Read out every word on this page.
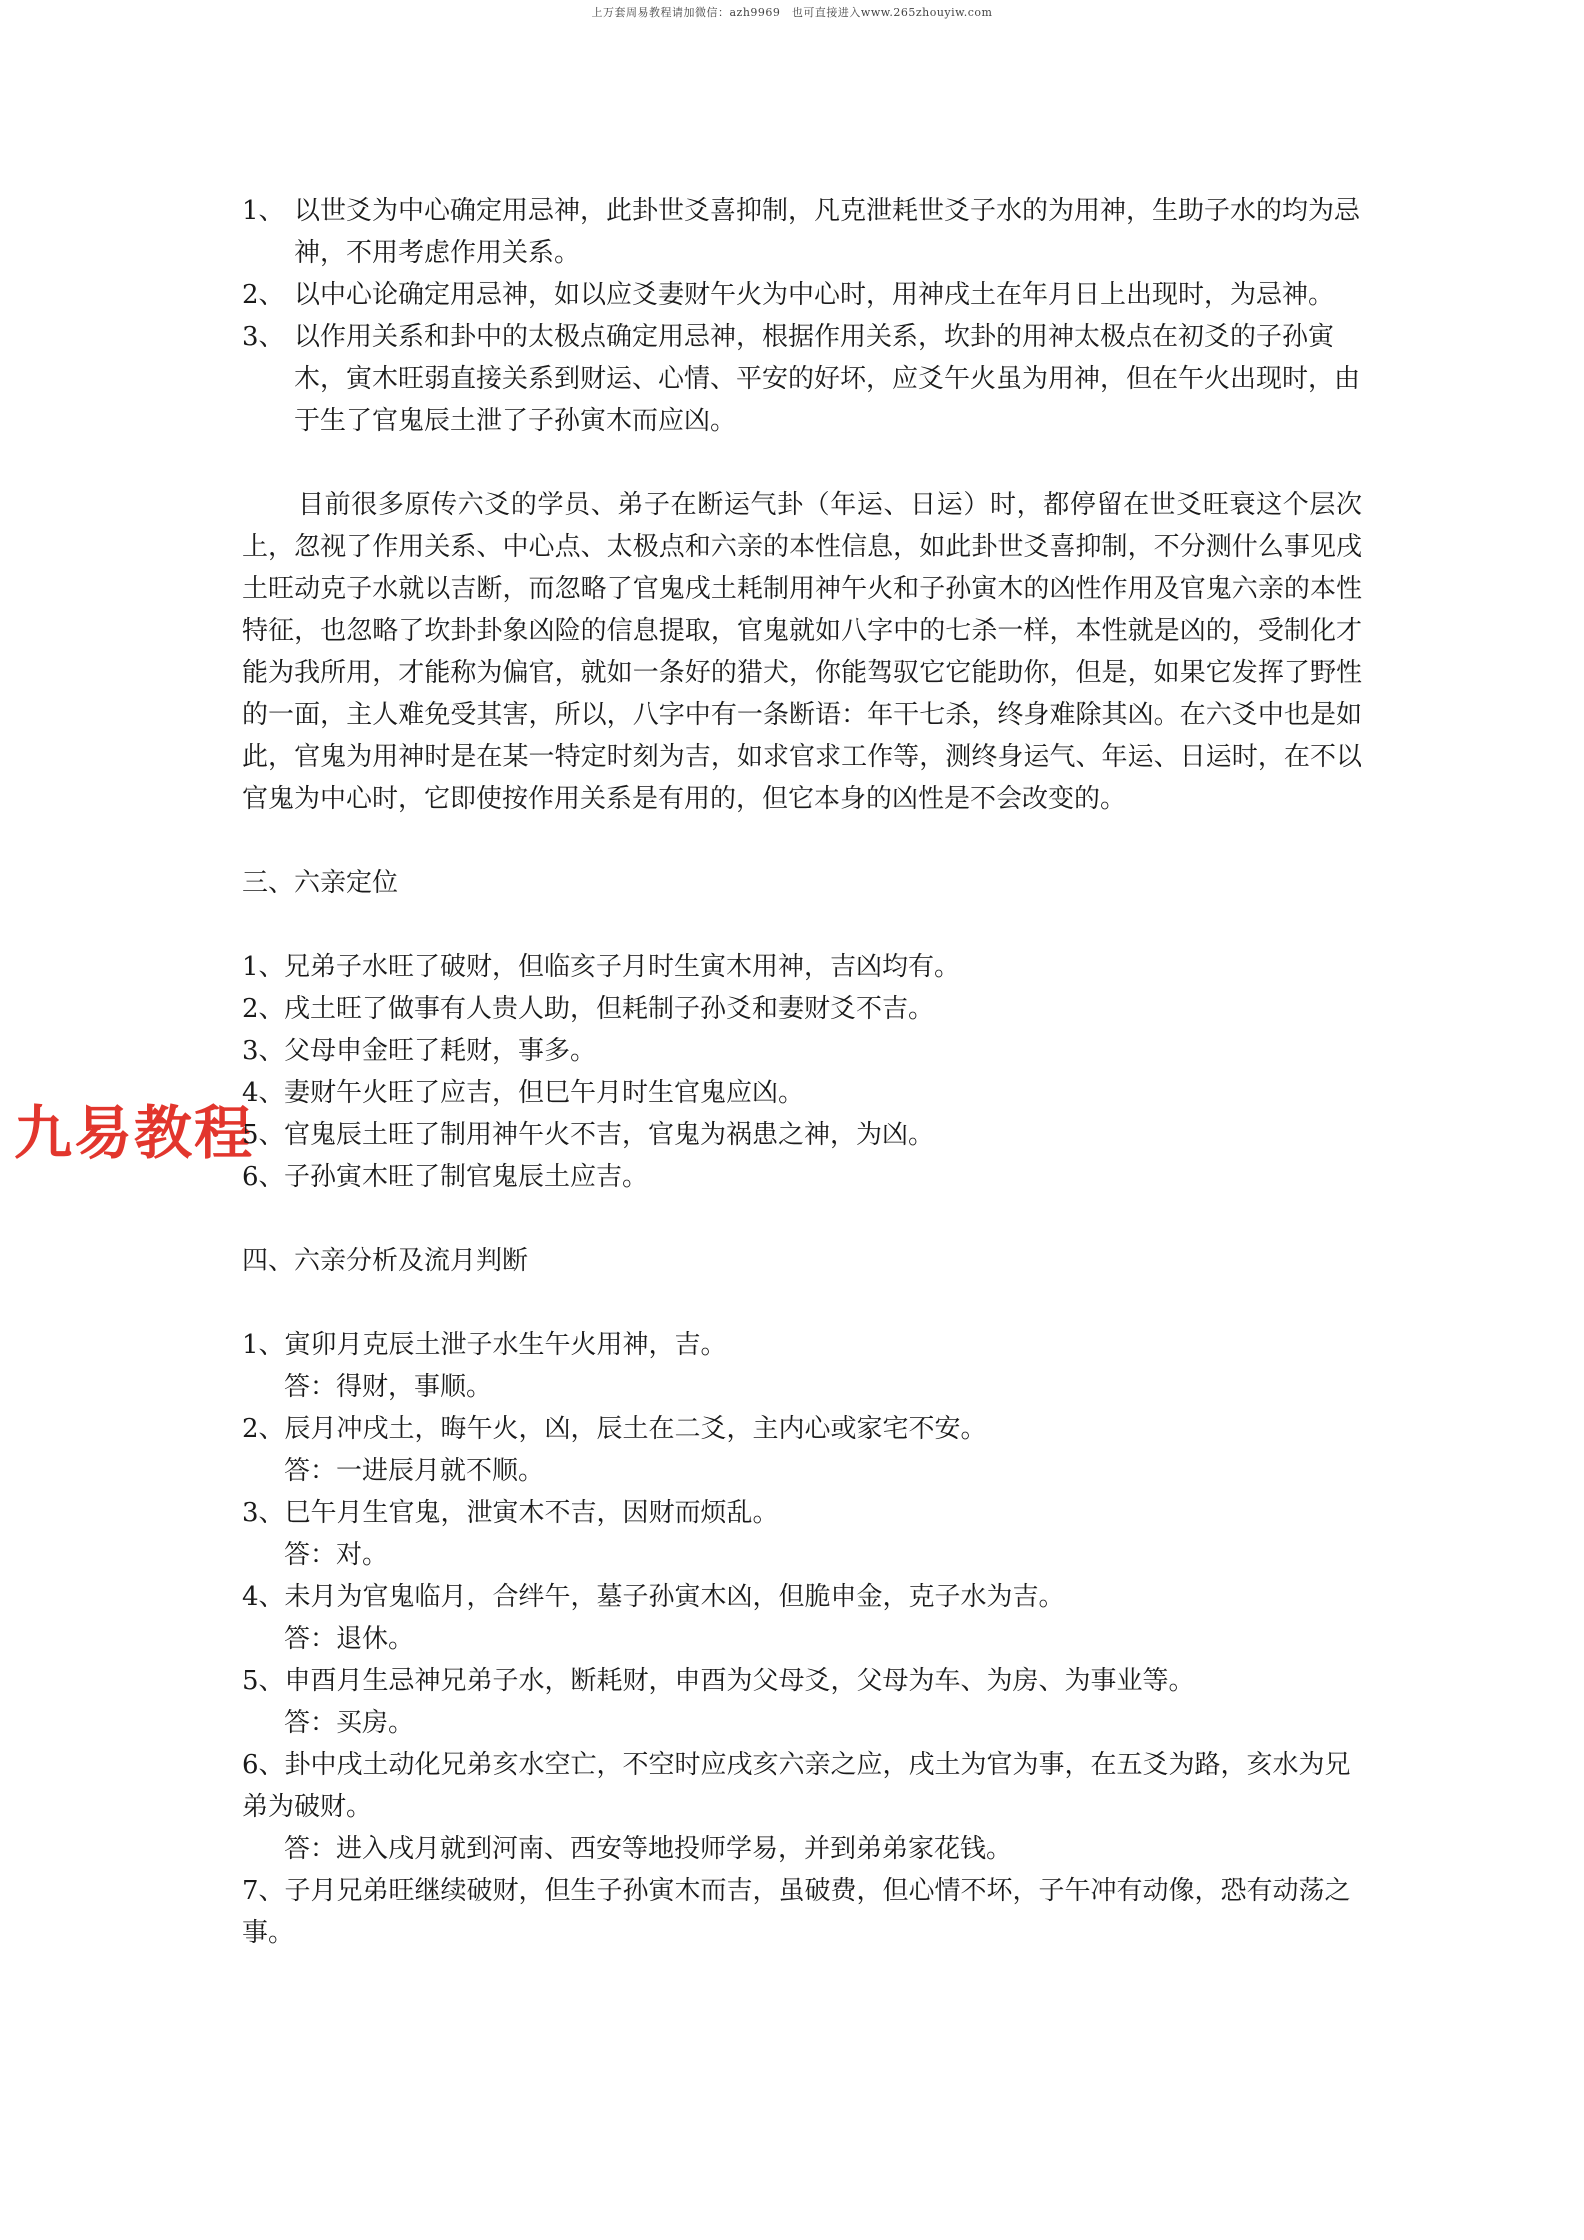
上万套周易教程请加微信：azh9969　也可直接进入www.265zhouyiw.com
九易教程
1、 以世爻为中心确定用忌神，此卦世爻喜抑制，凡克泄耗世爻子水的为用神，生助子水的均为忌神，不用考虑作用关系。
2、 以中心论确定用忌神，如以应爻妻财午火为中心时，用神戌土在年月日上出现时，为忌神。
3、 以作用关系和卦中的太极点确定用忌神，根据作用关系，坎卦的用神太极点在初爻的子孙寅木，寅木旺弱直接关系到财运、心情、平安的好坏，应爻午火虽为用神，但在午火出现时，由于生了官鬼辰土泄了子孙寅木而应凶。

目前很多原传六爻的学员、弟子在断运气卦（年运、日运）时，都停留在世爻旺衰这个层次上，忽视了作用关系、中心点、太极点和六亲的本性信息，如此卦世爻喜抑制，不分测什么事见戌土旺动克子水就以吉断，而忽略了官鬼戌土耗制用神午火和子孙寅木的凶性作用及官鬼六亲的本性特征，也忽略了坎卦卦象凶险的信息提取，官鬼就如八字中的七杀一样，本性就是凶的，受制化才能为我所用，才能称为偏官，就如一条好的猎犬，你能驾驭它它能助你，但是，如果它发挥了野性的一面，主人难免受其害，所以，八字中有一条断语：年干七杀，终身难除其凶。在六爻中也是如此，官鬼为用神时是在某一特定时刻为吉，如求官求工作等，测终身运气、年运、日运时，在不以官鬼为中心时，它即使按作用关系是有用的，但它本身的凶性是不会改变的。

三、六亲定位

1、 兄弟子水旺了破财，但临亥子月时生寅木用神，吉凶均有。
2、 戌土旺了做事有人贵人助，但耗制子孙爻和妻财爻不吉。
3、 父母申金旺了耗财，事多。
4、 妻财午火旺了应吉，但巳午月时生官鬼应凶。
5、 官鬼辰土旺了制用神午火不吉，官鬼为祸患之神，为凶。
6、 子孙寅木旺了制官鬼辰土应吉。

四、六亲分析及流月判断

1、寅卯月克辰土泄子水生午火用神，吉。
答：得财，事顺。
2、辰月冲戌土，晦午火，凶，辰土在二爻，主内心或家宅不安。
答：一进辰月就不顺。
3、巳午月生官鬼，泄寅木不吉，因财而烦乱。
答：对。
4、未月为官鬼临月，合绊午，墓子孙寅木凶，但脆申金，克子水为吉。
答：退休。
5、申酉月生忌神兄弟子水，断耗财，申酉为父母爻，父母为车、为房、为事业等。
答：买房。
6、卦中戌土动化兄弟亥水空亡，不空时应戌亥六亲之应，戌土为官为事，在五爻为路，亥水为兄弟为破财。
答：进入戌月就到河南、西安等地投师学易，并到弟弟家花钱。
7、子月兄弟旺继续破财，但生子孙寅木而吉，虽破费，但心情不坏，子午冲有动像，恐有动荡之事。
